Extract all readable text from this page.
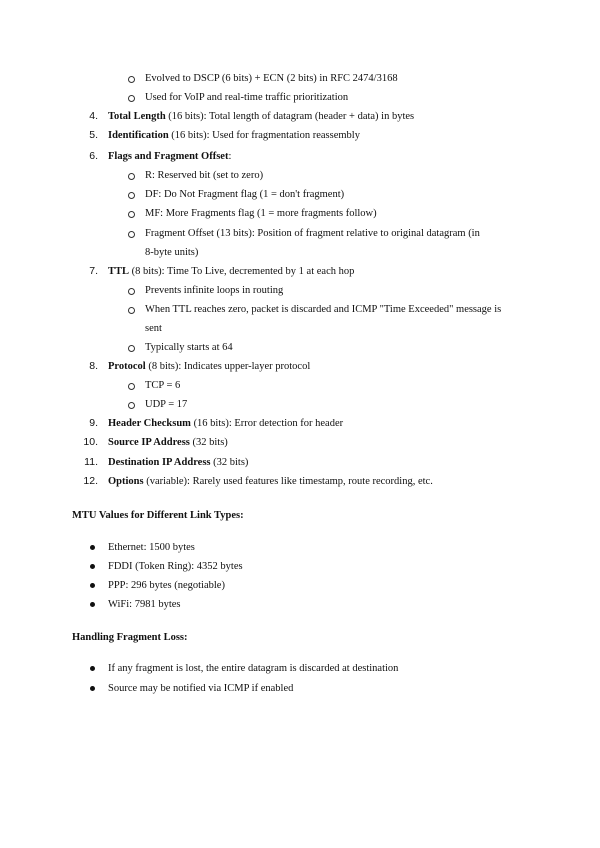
Evolved to DSCP (6 bits) + ECN (2 bits) in RFC 2474/3168
Used for VoIP and real-time traffic prioritization
4. Total Length (16 bits): Total length of datagram (header + data) in bytes
5. Identification (16 bits): Used for fragmentation reassembly
6. Flags and Fragment Offset:
R: Reserved bit (set to zero)
DF: Do Not Fragment flag (1 = don't fragment)
MF: More Fragments flag (1 = more fragments follow)
Fragment Offset (13 bits): Position of fragment relative to original datagram (in
8-byte units)
7. TTL (8 bits): Time To Live, decremented by 1 at each hop
Prevents infinite loops in routing
When TTL reaches zero, packet is discarded and ICMP "Time Exceeded" message is
sent
Typically starts at 64
8. Protocol (8 bits): Indicates upper-layer protocol
TCP = 6
UDP = 17
9. Header Checksum (16 bits): Error detection for header
10. Source IP Address (32 bits)
11. Destination IP Address (32 bits)
12. Options (variable): Rarely used features like timestamp, route recording, etc.
MTU Values for Different Link Types:
Ethernet: 1500 bytes
FDDI (Token Ring): 4352 bytes
PPP: 296 bytes (negotiable)
WiFi: 7981 bytes
Handling Fragment Loss:
If any fragment is lost, the entire datagram is discarded at destination
Source may be notified via ICMP if enabled
